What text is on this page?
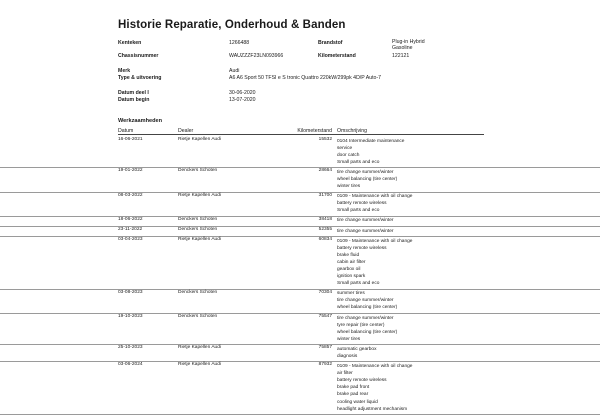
Historie Reparatie, Onderhoud & Banden
Kenteken	1266488	Brandstof	Plug-in Hybrid
Gasoline
Chassisnummer	WAUZZZF23LN093966	Kilometerstand	122121
Merk	Audi
Type & uitvoering	A6 A6 Sport 50 TFSI e S tronic Quattro 220kW/299pk 4D/P Auto-7
Datum deel I	30-06-2020
Datum begin	13-07-2020
Werkzaamheden
Datum	Dealer	Kilometerstand Omschrijving
16-06-2021	Rietje Kapellen Audi	15532 0104 Intermediate maintenance
service
door catch
Small parts and eco
19-01-2022	Denckers Schoten	28664 tire change summer/winter
wheel balancing (tire center)
winter tires
08-03-2022	Rietje Kapellen Audi	31700 0109 - Maintenance with oil change
battery remote wireless
Small parts and eco
18-06-2022	Denckers Schoten	38418 tire change summer/winter
23-11-2022	Denckers Schoten	52355 tire change summer/winter
03-04-2023	Rietje Kapellen Audi	60834 0109 - Maintenance with oil change
battery remote wireless
brake fluid
cabin air filter
gearbox oil
ignition spark
Small parts and eco
03-08-2023	Denckers Schoten	70304 summer tires
tire change summer/winter
wheel balancing (tire center)
19-10-2023	Denckers Schoten	75547 tire change summer/winter
tyre repair (tire center)
wheel balancing (tire center)
winter tires
25-10-2023	Rietje Kapellen Audi	75857 automatic gearbox
diagnosis
03-06-2024	Rietje Kapellen Audi	87932 0109 - Maintenance with oil change
air filter
battery remote wireless
brake pad front
brake pad rear
cooling water liquid
headlight adjustment mechanism
